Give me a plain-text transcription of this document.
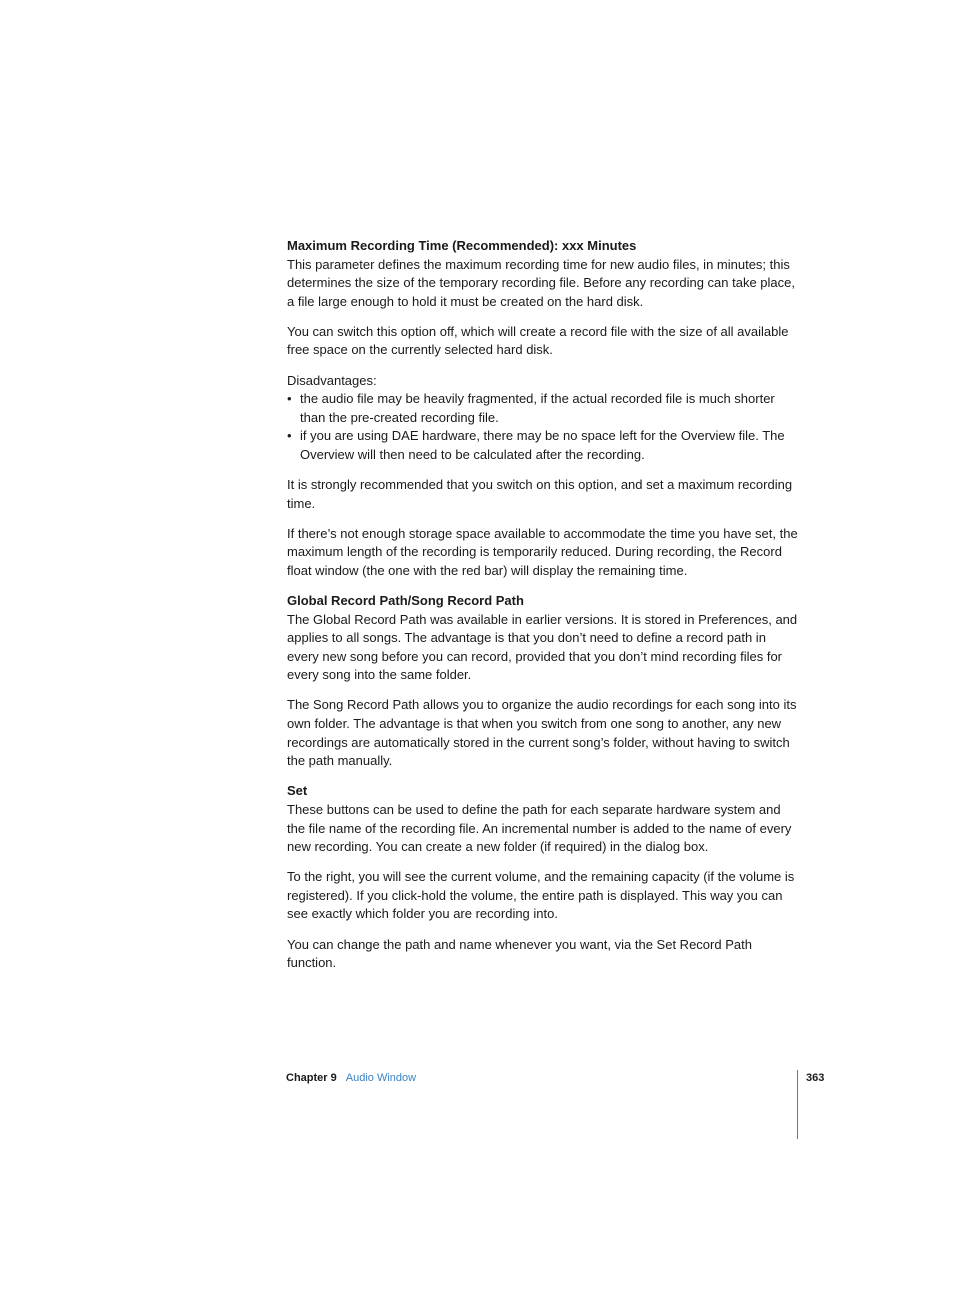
Maximum Recording Time (Recommended): xxx Minutes

This parameter defines the maximum recording time for new audio files, in minutes; this determines the size of the temporary recording file. Before any recording can take place, a file large enough to hold it must be created on the hard disk.

You can switch this option off, which will create a record file with the size of all available free space on the currently selected hard disk.

Disadvantages:

• the audio file may be heavily fragmented, if the actual recorded file is much shorter than the pre-created recording file.
• if you are using DAE hardware, there may be no space left for the Overview file. The Overview will then need to be calculated after the recording.

It is strongly recommended that you switch on this option, and set a maximum recording time.

If there’s not enough storage space available to accommodate the time you have set, the maximum length of the recording is temporarily reduced. During recording, the Record float window (the one with the red bar) will display the remaining time.

Global Record Path/Song Record Path

The Global Record Path was available in earlier versions. It is stored in Preferences, and applies to all songs. The advantage is that you don’t need to define a record path in every new song before you can record, provided that you don’t mind recording files for every song into the same folder.

The Song Record Path allows you to organize the audio recordings for each song into its own folder. The advantage is that when you switch from one song to another, any new recordings are automatically stored in the current song’s folder, without having to switch the path manually.

Set

These buttons can be used to define the path for each separate hardware system and the file name of the recording file. An incremental number is added to the name of every new recording. You can create a new folder (if required) in the dialog box.

To the right, you will see the current volume, and the remaining capacity (if the volume is registered). If you click-hold the volume, the entire path is displayed. This way you can see exactly which folder you are recording into.

You can change the path and name whenever you want, via the Set Record Path function.

Chapter 9 Audio Window	363
